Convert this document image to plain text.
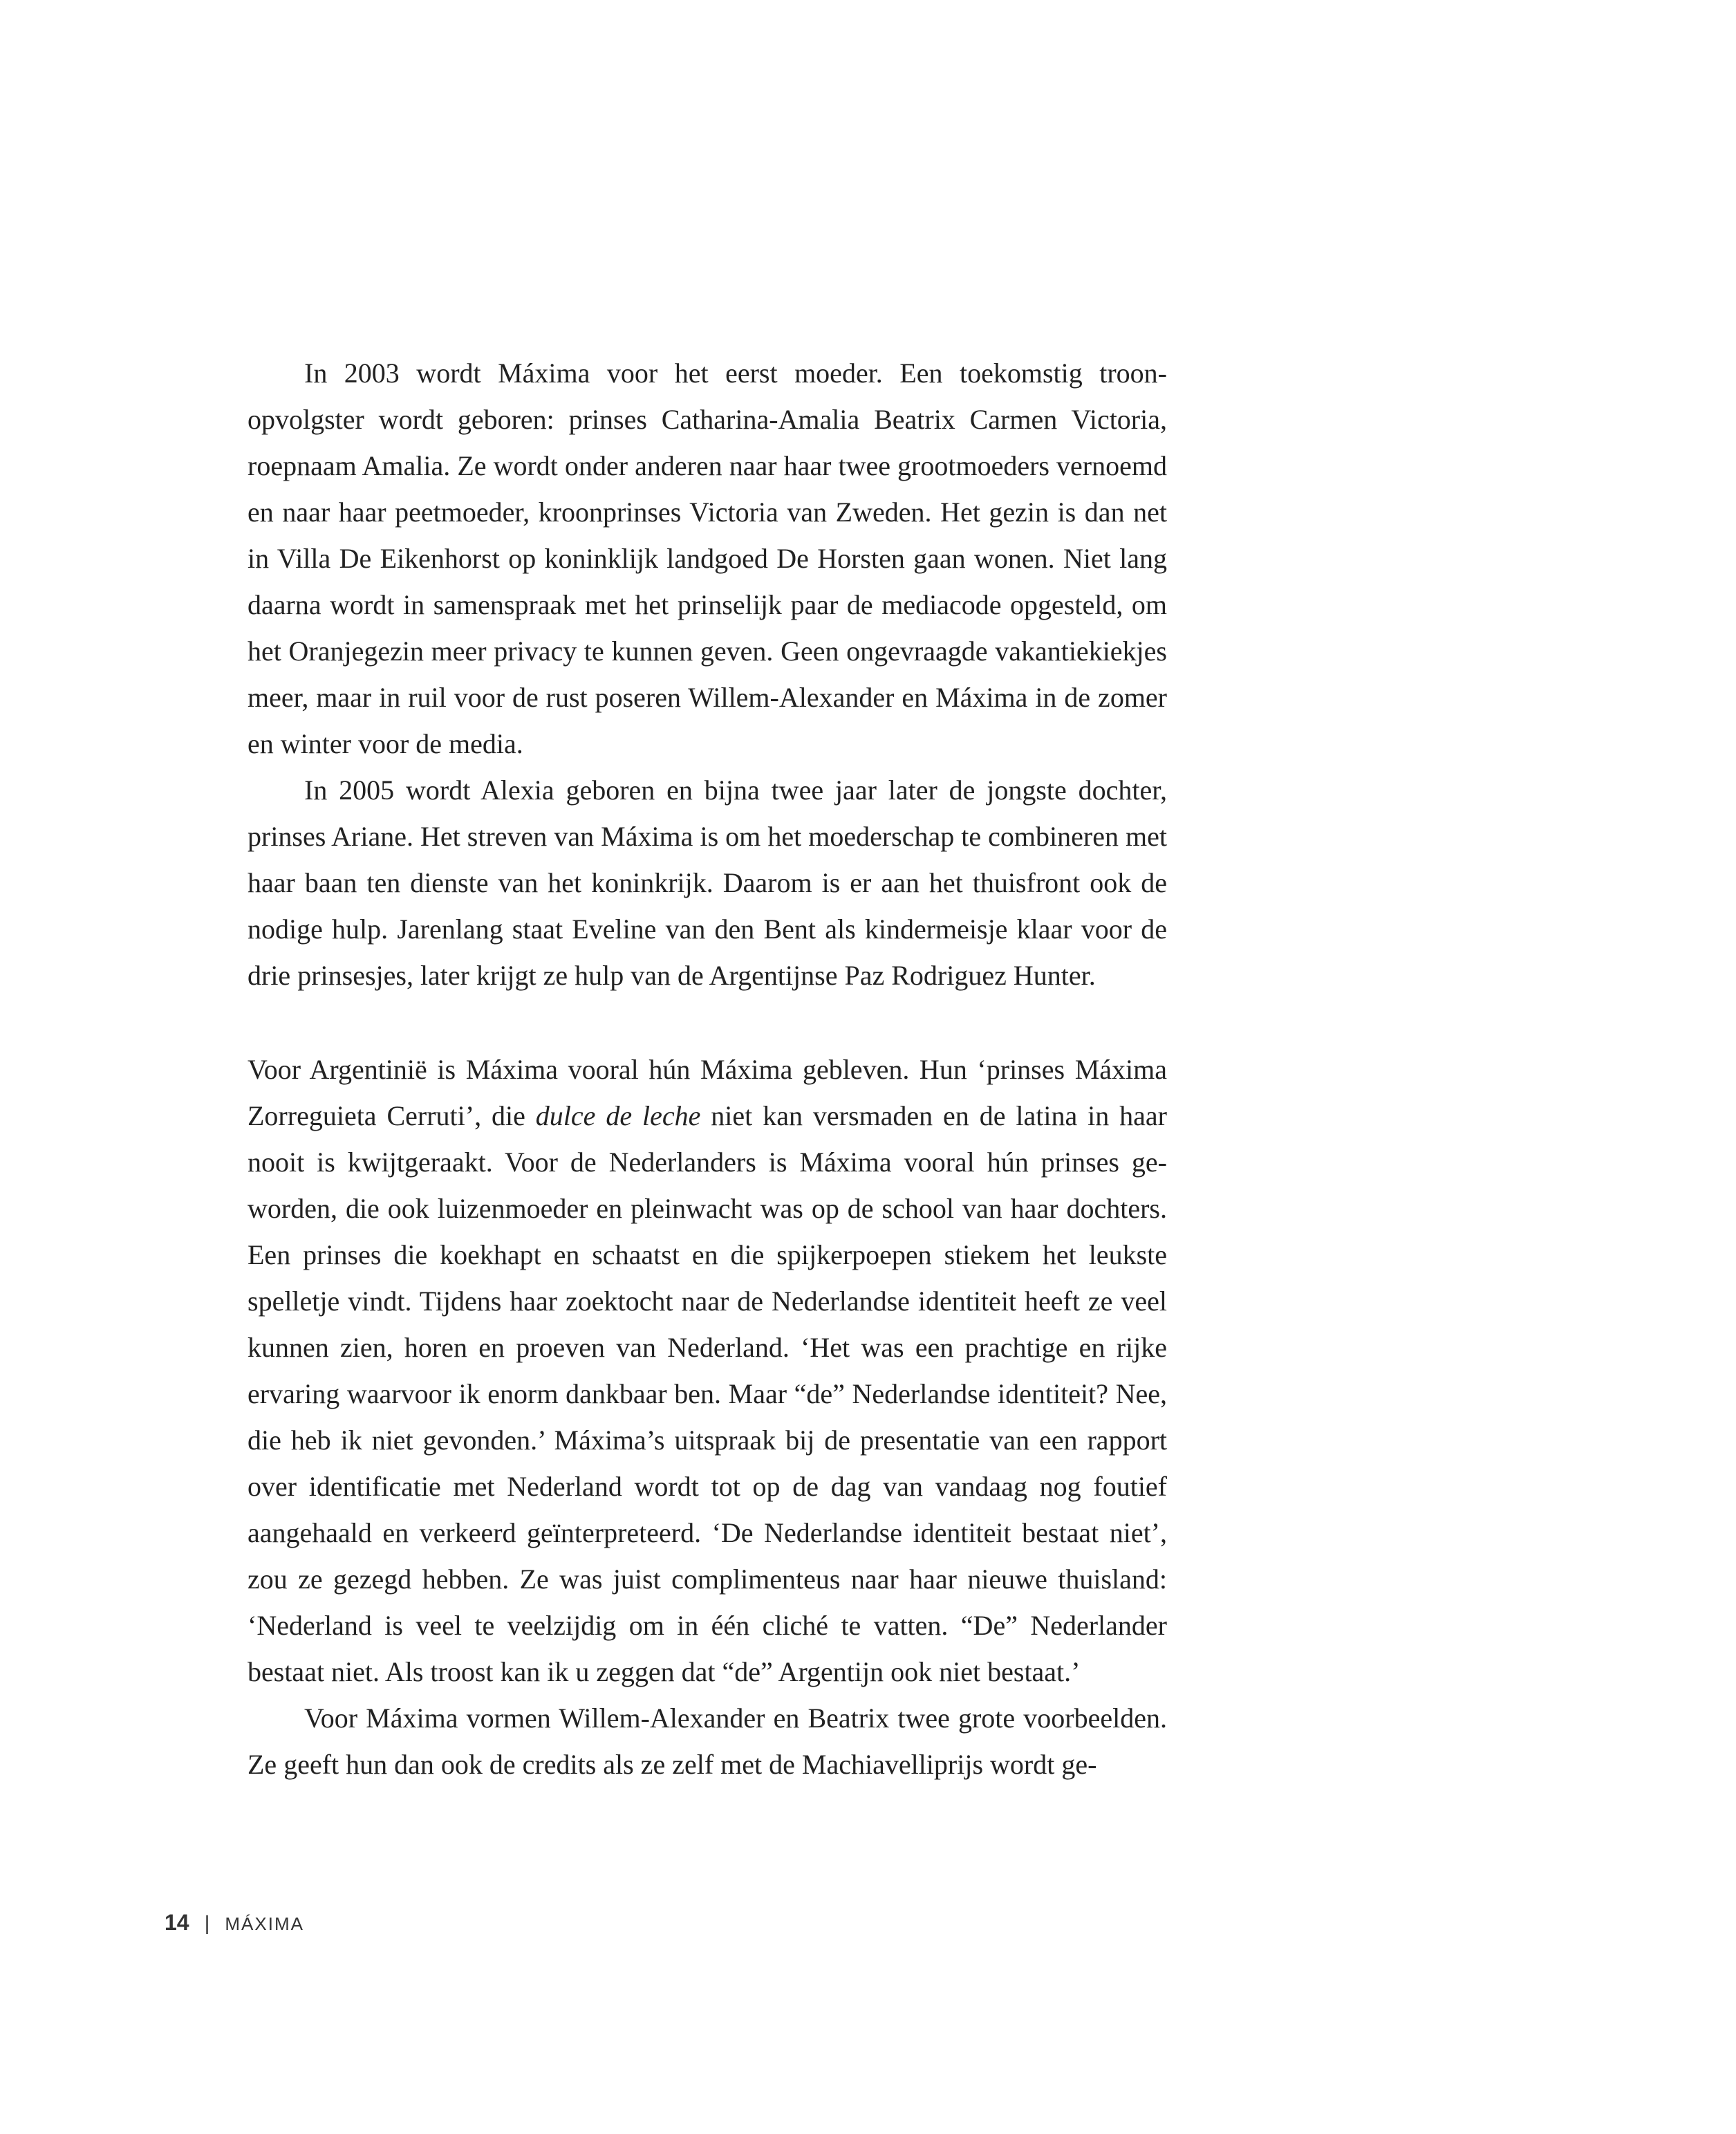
In 2003 wordt Máxima voor het eerst moeder. Een toekomstig troonopvolgster wordt geboren: prinses Catharina-Amalia Beatrix Carmen Victoria, roepnaam Amalia. Ze wordt onder anderen naar haar twee grootmoeders vernoemd en naar haar peetmoeder, kroonprinses Victoria van Zweden. Het gezin is dan net in Villa De Eikenhorst op koninklijk landgoed De Horsten gaan wonen. Niet lang daarna wordt in samenspraak met het prinselijk paar de mediacode opgesteld, om het Oranjegezin meer privacy te kunnen geven. Geen ongevraagde vakantiekiekjes meer, maar in ruil voor de rust poseren Willem-Alexander en Máxima in de zomer en winter voor de media.

In 2005 wordt Alexia geboren en bijna twee jaar later de jongste dochter, prinses Ariane. Het streven van Máxima is om het moederschap te combineren met haar baan ten dienste van het koninkrijk. Daarom is er aan het thuisfront ook de nodige hulp. Jarenlang staat Eveline van den Bent als kindermeisje klaar voor de drie prinsesjes, later krijgt ze hulp van de Argentijnse Paz Rodriguez Hunter.

Voor Argentinië is Máxima vooral hún Máxima gebleven. Hun ‘prinses Máxima Zorreguieta Cerruti’, die dulce de leche niet kan versmaden en de latina in haar nooit is kwijtgeraakt. Voor de Nederlanders is Máxima vooral hún prinses geworden, die ook luizenmoeder en pleinwacht was op de school van haar dochters. Een prinses die koekhapt en schaatst en die spijkerpoepen stiekem het leukste spelletje vindt. Tijdens haar zoektocht naar de Nederlandse identiteit heeft ze veel kunnen zien, horen en proeven van Nederland. ‘Het was een prachtige en rijke ervaring waarvoor ik enorm dankbaar ben. Maar “de” Nederlandse identiteit? Nee, die heb ik niet gevonden.’ Máxima’s uitspraak bij de presentatie van een rapport over identificatie met Nederland wordt tot op de dag van vandaag nog foutief aangehaald en verkeerd geïnterpreteerd. ‘De Nederlandse identiteit bestaat niet’, zou ze gezegd hebben. Ze was juist complimenteus naar haar nieuwe thuisland: ‘Nederland is veel te veelzijdig om in één cliché te vatten. “De” Nederlander bestaat niet. Als troost kan ik u zeggen dat “de” Argentijn ook niet bestaat.’

Voor Máxima vormen Willem-Alexander en Beatrix twee grote voorbeelden. Ze geeft hun dan ook de credits als ze zelf met de Machiavelliprijs wordt ge-

14 | MÁXIMA
